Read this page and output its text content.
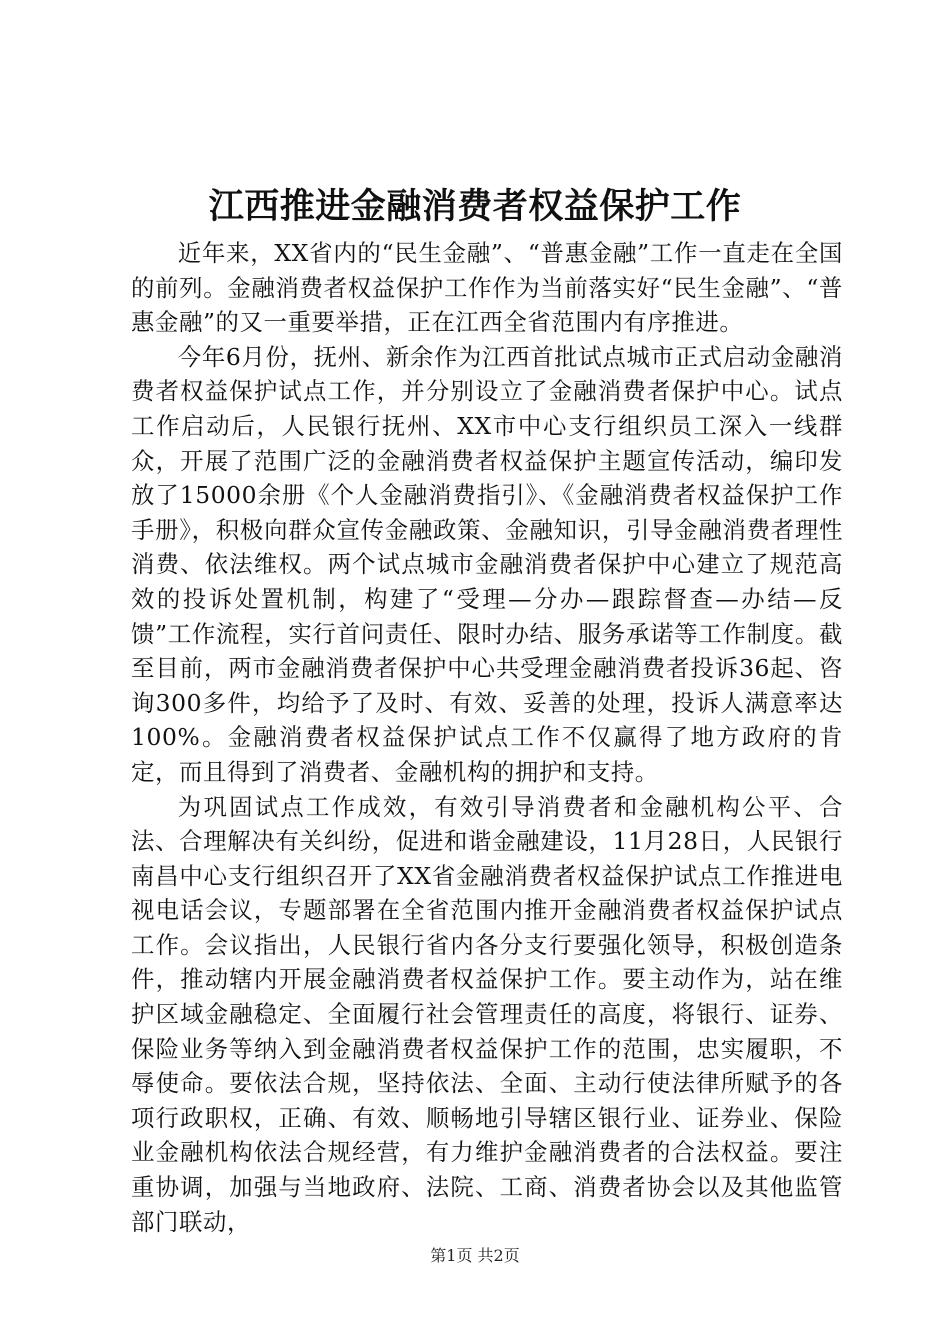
江西推进金融消费者权益保护工作

近年来，XX省内的“民生金融”、“普惠金融”工作一直走在全国的前列。金融消费者权益保护工作作为当前落实好“民生金融”、“普惠金融”的又一重要举措，正在江西全省范围内有序推进。

今年6月份，抚州、新余作为江西首批试点城市正式启动金融消费者权益保护试点工作，并分别设立了金融消费者保护中心。试点工作启动后，人民银行抚州、XX市中心支行组织员工深入一线群众，开展了范围广泛的金融消费者权益保护主题宣传活动，编印发放了15000余册《个人金融消费指引》、《金融消费者权益保护工作手册》，积极向群众宣传金融政策、金融知识，引导金融消费者理性消费、依法维权。两个试点城市金融消费者保护中心建立了规范高效的投诉处置机制，构建了“受理—分办—跟踪督查—办结—反馈”工作流程，实行首问责任、限时办结、服务承诺等工作制度。截至目前，两市金融消费者保护中心共受理金融消费者投诉36起、咨询300多件，均给予了及时、有效、妥善的处理，投诉人满意率达100%。金融消费者权益保护试点工作不仅赢得了地方政府的肯定，而且得到了消费者、金融机构的拥护和支持。

为巩固试点工作成效，有效引导消费者和金融机构公平、合法、合理解决有关纠纷，促进和谐金融建设，11月28日，人民银行南昌中心支行组织召开了XX省金融消费者权益保护试点工作推进电视电话会议，专题部署在全省范围内推开金融消费者权益保护试点工作。会议指出，人民银行省内各分支行要强化领导，积极创造条件，推动辖内开展金融消费者权益保护工作。要主动作为，站在维护区域金融稳定、全面履行社会管理责任的高度，将银行、证券、保险业务等纳入到金融消费者权益保护工作的范围，忠实履职，不辱使命。要依法合规，坚持依法、全面、主动行使法律所赋予的各项行政职权，正确、有效、顺畅地引导辖区银行业、证券业、保险业金融机构依法合规经营，有力维护金融消费者的合法权益。要注重协调，加强与当地政府、法院、工商、消费者协会以及其他监管部门联动，

第1页 共2页
